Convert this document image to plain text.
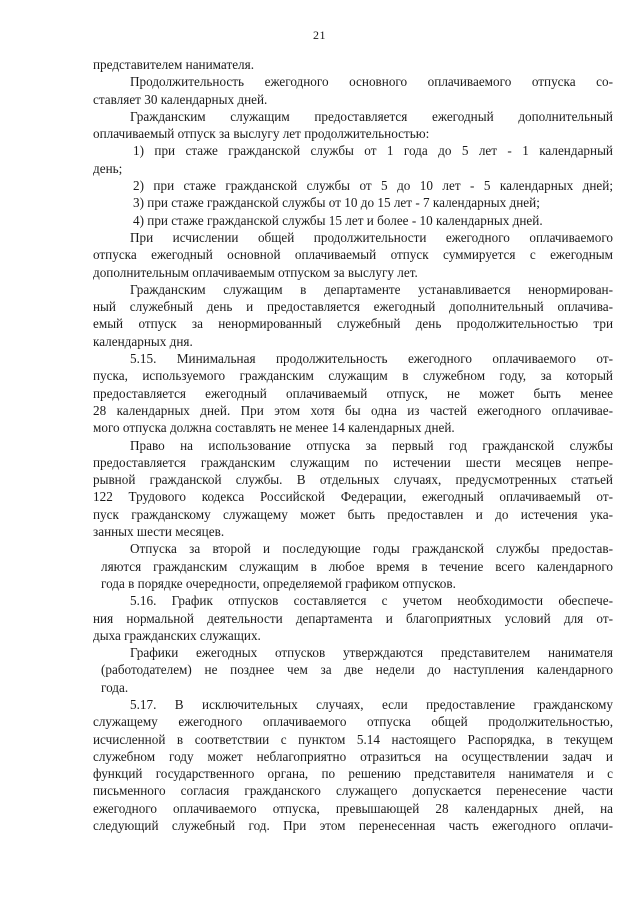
21
представителем нанимателя.
Продолжительность ежегодного основного оплачиваемого отпуска со-
ставляет 30 календарных дней.
Гражданским служащим предоставляется ежегодный дополнительный
оплачиваемый отпуск за выслугу лет продолжительностью:
1) при стаже гражданской службы от 1 года до 5 лет - 1 календарный
день;
2) при стаже гражданской службы от 5 до 10 лет - 5 календарных дней;
3) при стаже гражданской службы от 10 до 15 лет - 7 календарных дней;
4) при стаже гражданской службы 15 лет и более - 10 календарных дней.
При исчислении общей продолжительности ежегодного оплачиваемого
отпуска ежегодный основной оплачиваемый отпуск суммируется с ежегодным
дополнительным оплачиваемым отпуском за выслугу лет.
Гражданским служащим в департаменте устанавливается ненормирован-
ный служебный день и предоставляется ежегодный дополнительный оплачива-
емый отпуск за ненормированный служебный день продолжительностью три
календарных дня.
5.15. Минимальная продолжительность ежегодного оплачиваемого от-
пуска, используемого гражданским служащим в служебном году, за который
предоставляется ежегодный оплачиваемый отпуск, не может быть менее
28 календарных дней. При этом хотя бы одна из частей ежегодного оплачивае-
мого отпуска должна составлять не менее 14 календарных дней.
Право на использование отпуска за первый год гражданской службы
предоставляется гражданским служащим по истечении шести месяцев непре-
рывной гражданской службы. В отдельных случаях, предусмотренных статьей
122 Трудового кодекса Российской Федерации, ежегодный оплачиваемый от-
пуск гражданскому служащему может быть предоставлен и до истечения ука-
занных шести месяцев.
Отпуска за второй и последующие годы гражданской службы предостав-
ляются гражданским служащим в любое время в течение всего календарного
года в порядке очередности, определяемой графиком отпусков.
5.16. График отпусков составляется с учетом необходимости обеспече-
ния нормальной деятельности департамента и благоприятных условий для от-
дыха гражданских служащих.
Графики ежегодных отпусков утверждаются представителем нанимателя
(работодателем) не позднее чем за две недели до наступления календарного
года.
5.17. В исключительных случаях, если предоставление гражданскому
служащему ежегодного оплачиваемого отпуска общей продолжительностью,
исчисленной в соответствии с пунктом 5.14 настоящего Распорядка, в текущем
служебном году может неблагоприятно отразиться на осуществлении задач и
функций государственного органа, по решению представителя нанимателя и с
письменного согласия гражданского служащего допускается перенесение части
ежегодного оплачиваемого отпуска, превышающей 28 календарных дней, на
следующий служебный год. При этом перенесенная часть ежегодного оплачи-
